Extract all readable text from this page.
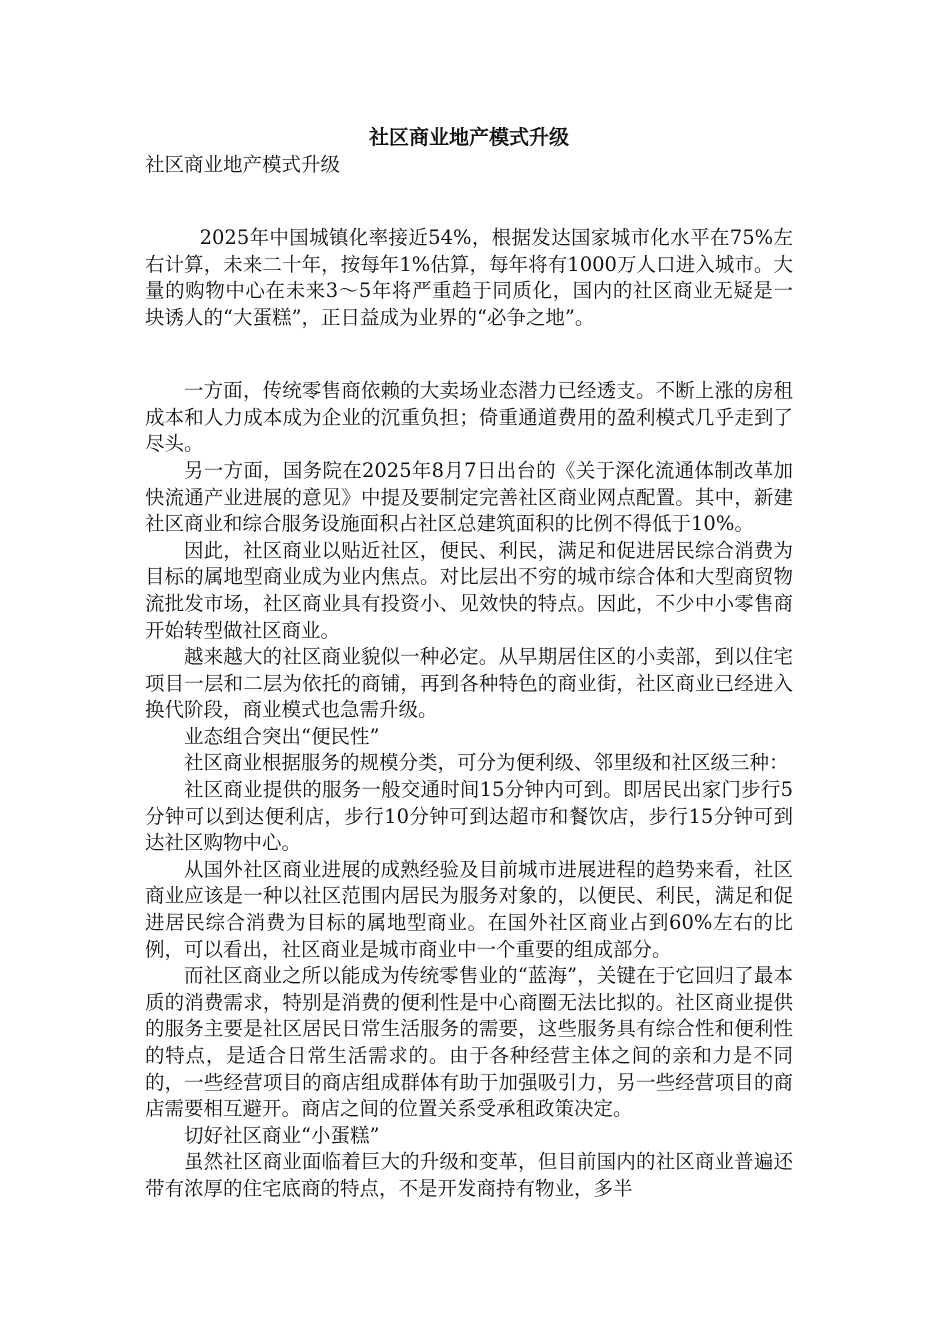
社区商业地产模式升级
社区商业地产模式升级

2025年中国城镇化率接近54%，根据发达国家城市化水平在75%左右计算，未来二十年，按每年1%估算，每年将有1000万人口进入城市。大量的购物中心在未来3～5年将严重趋于同质化，国内的社区商业无疑是一块诱人的“大蛋糕”，正日益成为业界的“必争之地”。

一方面，传统零售商依赖的大卖场业态潜力已经透支。不断上涨的房租成本和人力成本成为企业的沉重负担；倚重通道费用的盈利模式几乎走到了尽头。

另一方面，国务院在2025年8月7日出台的《关于深化流通体制改革加快流通产业进展的意见》中提及要制定完善社区商业网点配置。其中，新建社区商业和综合服务设施面积占社区总建筑面积的比例不得低于10%。

因此，社区商业以贴近社区，便民、利民，满足和促进居民综合消费为目标的属地型商业成为业内焦点。对比层出不穷的城市综合体和大型商贸物流批发市场，社区商业具有投资小、见效快的特点。因此，不少中小零售商开始转型做社区商业。

越来越大的社区商业貌似一种必定。从早期居住区的小卖部，到以住宅项目一层和二层为依托的商铺，再到各种特色的商业街，社区商业已经进入换代阶段，商业模式也急需升级。

业态组合突出“便民性”

社区商业根据服务的规模分类，可分为便利级、邻里级和社区级三种：

社区商业提供的服务一般交通时间15分钟内可到。即居民出家门步行5分钟可以到达便利店，步行10分钟可到达超市和餐饮店，步行15分钟可到达社区购物中心。

从国外社区商业进展的成熟经验及目前城市进展进程的趋势来看，社区商业应该是一种以社区范围内居民为服务对象的，以便民、利民，满足和促进居民综合消费为目标的属地型商业。在国外社区商业占到60%左右的比例，可以看出，社区商业是城市商业中一个重要的组成部分。

而社区商业之所以能成为传统零售业的“蓝海”，关键在于它回归了最本质的消费需求，特别是消费的便利性是中心商圈无法比拟的。社区商业提供的服务主要是社区居民日常生活服务的需要，这些服务具有综合性和便利性的特点，是适合日常生活需求的。由于各种经营主体之间的亲和力是不同的，一些经营项目的商店组成群体有助于加强吸引力，另一些经营项目的商店需要相互避开。商店之间的位置关系受承租政策决定。

切好社区商业“小蛋糕”

虽然社区商业面临着巨大的升级和变革，但目前国内的社区商业普遍还带有浓厚的住宅底商的特点，不是开发商持有物业，多半
